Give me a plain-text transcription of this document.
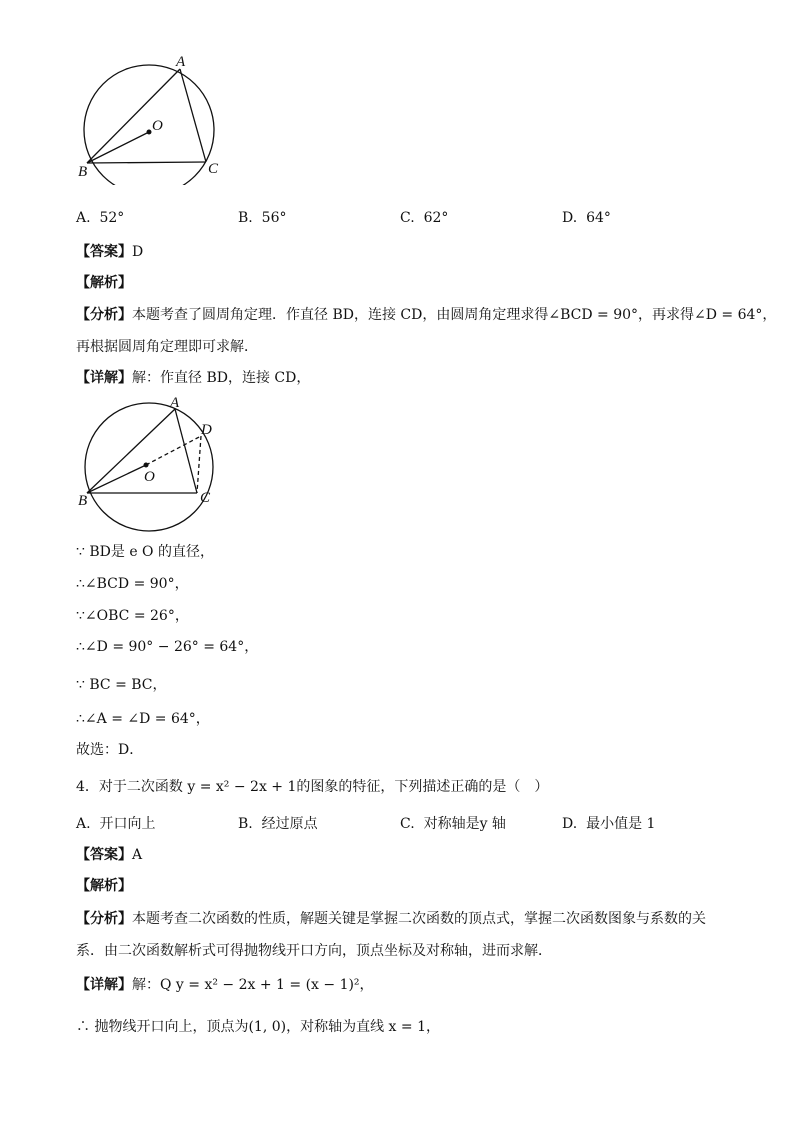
A
O
B	C
A. 52°	B. 56°	C. 62°	D. 64°
【答案】D
【解析】
【分析】本题考查了圆周角定理．作直径 BD，连接 CD，由圆周角定理求得∠BCD = 90°，再求得∠D = 64°，
再根据圆周角定理即可求解．
【详解】解：作直径 BD，连接 CD，
A
D
O
B	C
∵ BD是 e O 的直径，
∴∠BCD = 90°，
∵∠OBC = 26°，
∴∠D = 90° − 26° = 64°，
∵ BC = BC，
∴∠A = ∠D = 64°，
故选：D．
4．对于二次函数 y = x² − 2x + 1的图象的特征，下列描述正确的是（　）
A. 开口向上	B. 经过原点	C. 对称轴是y 轴	D. 最小值是 1
【答案】A
【解析】
【分析】本题考查二次函数的性质，解题关键是掌握二次函数的顶点式，掌握二次函数图象与系数的关
系．由二次函数解析式可得抛物线开口方向，顶点坐标及对称轴，进而求解．
【详解】解：Q y = x² − 2x + 1 = (x − 1)²，
∴ 抛物线开口向上，顶点为(1, 0)，对称轴为直线 x = 1，
